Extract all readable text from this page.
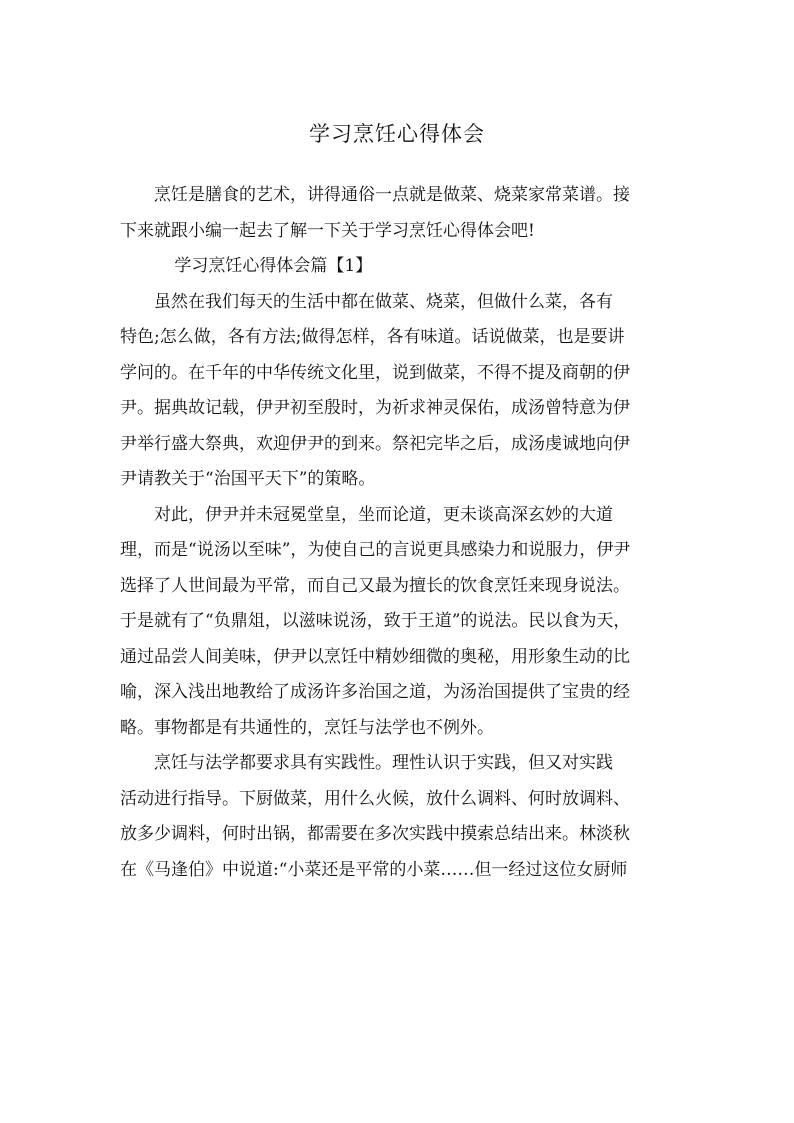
学习烹饪心得体会

烹饪是膳食的艺术，讲得通俗一点就是做菜、烧菜家常菜谱。接
下来就跟小编一起去了解一下关于学习烹饪心得体会吧!

学习烹饪心得体会篇【1】

虽然在我们每天的生活中都在做菜、烧菜，但做什么菜，各有
特色;怎么做，各有方法;做得怎样，各有味道。话说做菜，也是要讲
学问的。在千年的中华传统文化里，说到做菜，不得不提及商朝的伊
尹。据典故记载，伊尹初至殷时，为祈求神灵保佑，成汤曾特意为伊
尹举行盛大祭典，欢迎伊尹的到来。祭祀完毕之后，成汤虔诚地向伊
尹请教关于“治国平天下”的策略。

对此，伊尹并未冠冕堂皇，坐而论道，更未谈高深玄妙的大道
理，而是“说汤以至味”，为使自己的言说更具感染力和说服力，伊尹
选择了人世间最为平常，而自己又最为擅长的饮食烹饪来现身说法。
于是就有了“负鼎俎，以滋味说汤，致于王道”的说法。民以食为天，
通过品尝人间美味，伊尹以烹饪中精妙细微的奥秘，用形象生动的比
喻，深入浅出地教给了成汤许多治国之道，为汤治国提供了宝贵的经
略。事物都是有共通性的，烹饪与法学也不例外。

烹饪与法学都要求具有实践性。理性认识于实践，但又对实践
活动进行指导。下厨做菜，用什么火候，放什么调料、何时放调料、
放多少调料，何时出锅，都需要在多次实践中摸索总结出来。林淡秋
在《马逢伯》中说道:“小菜还是平常的小菜……但一经过这位女厨师
